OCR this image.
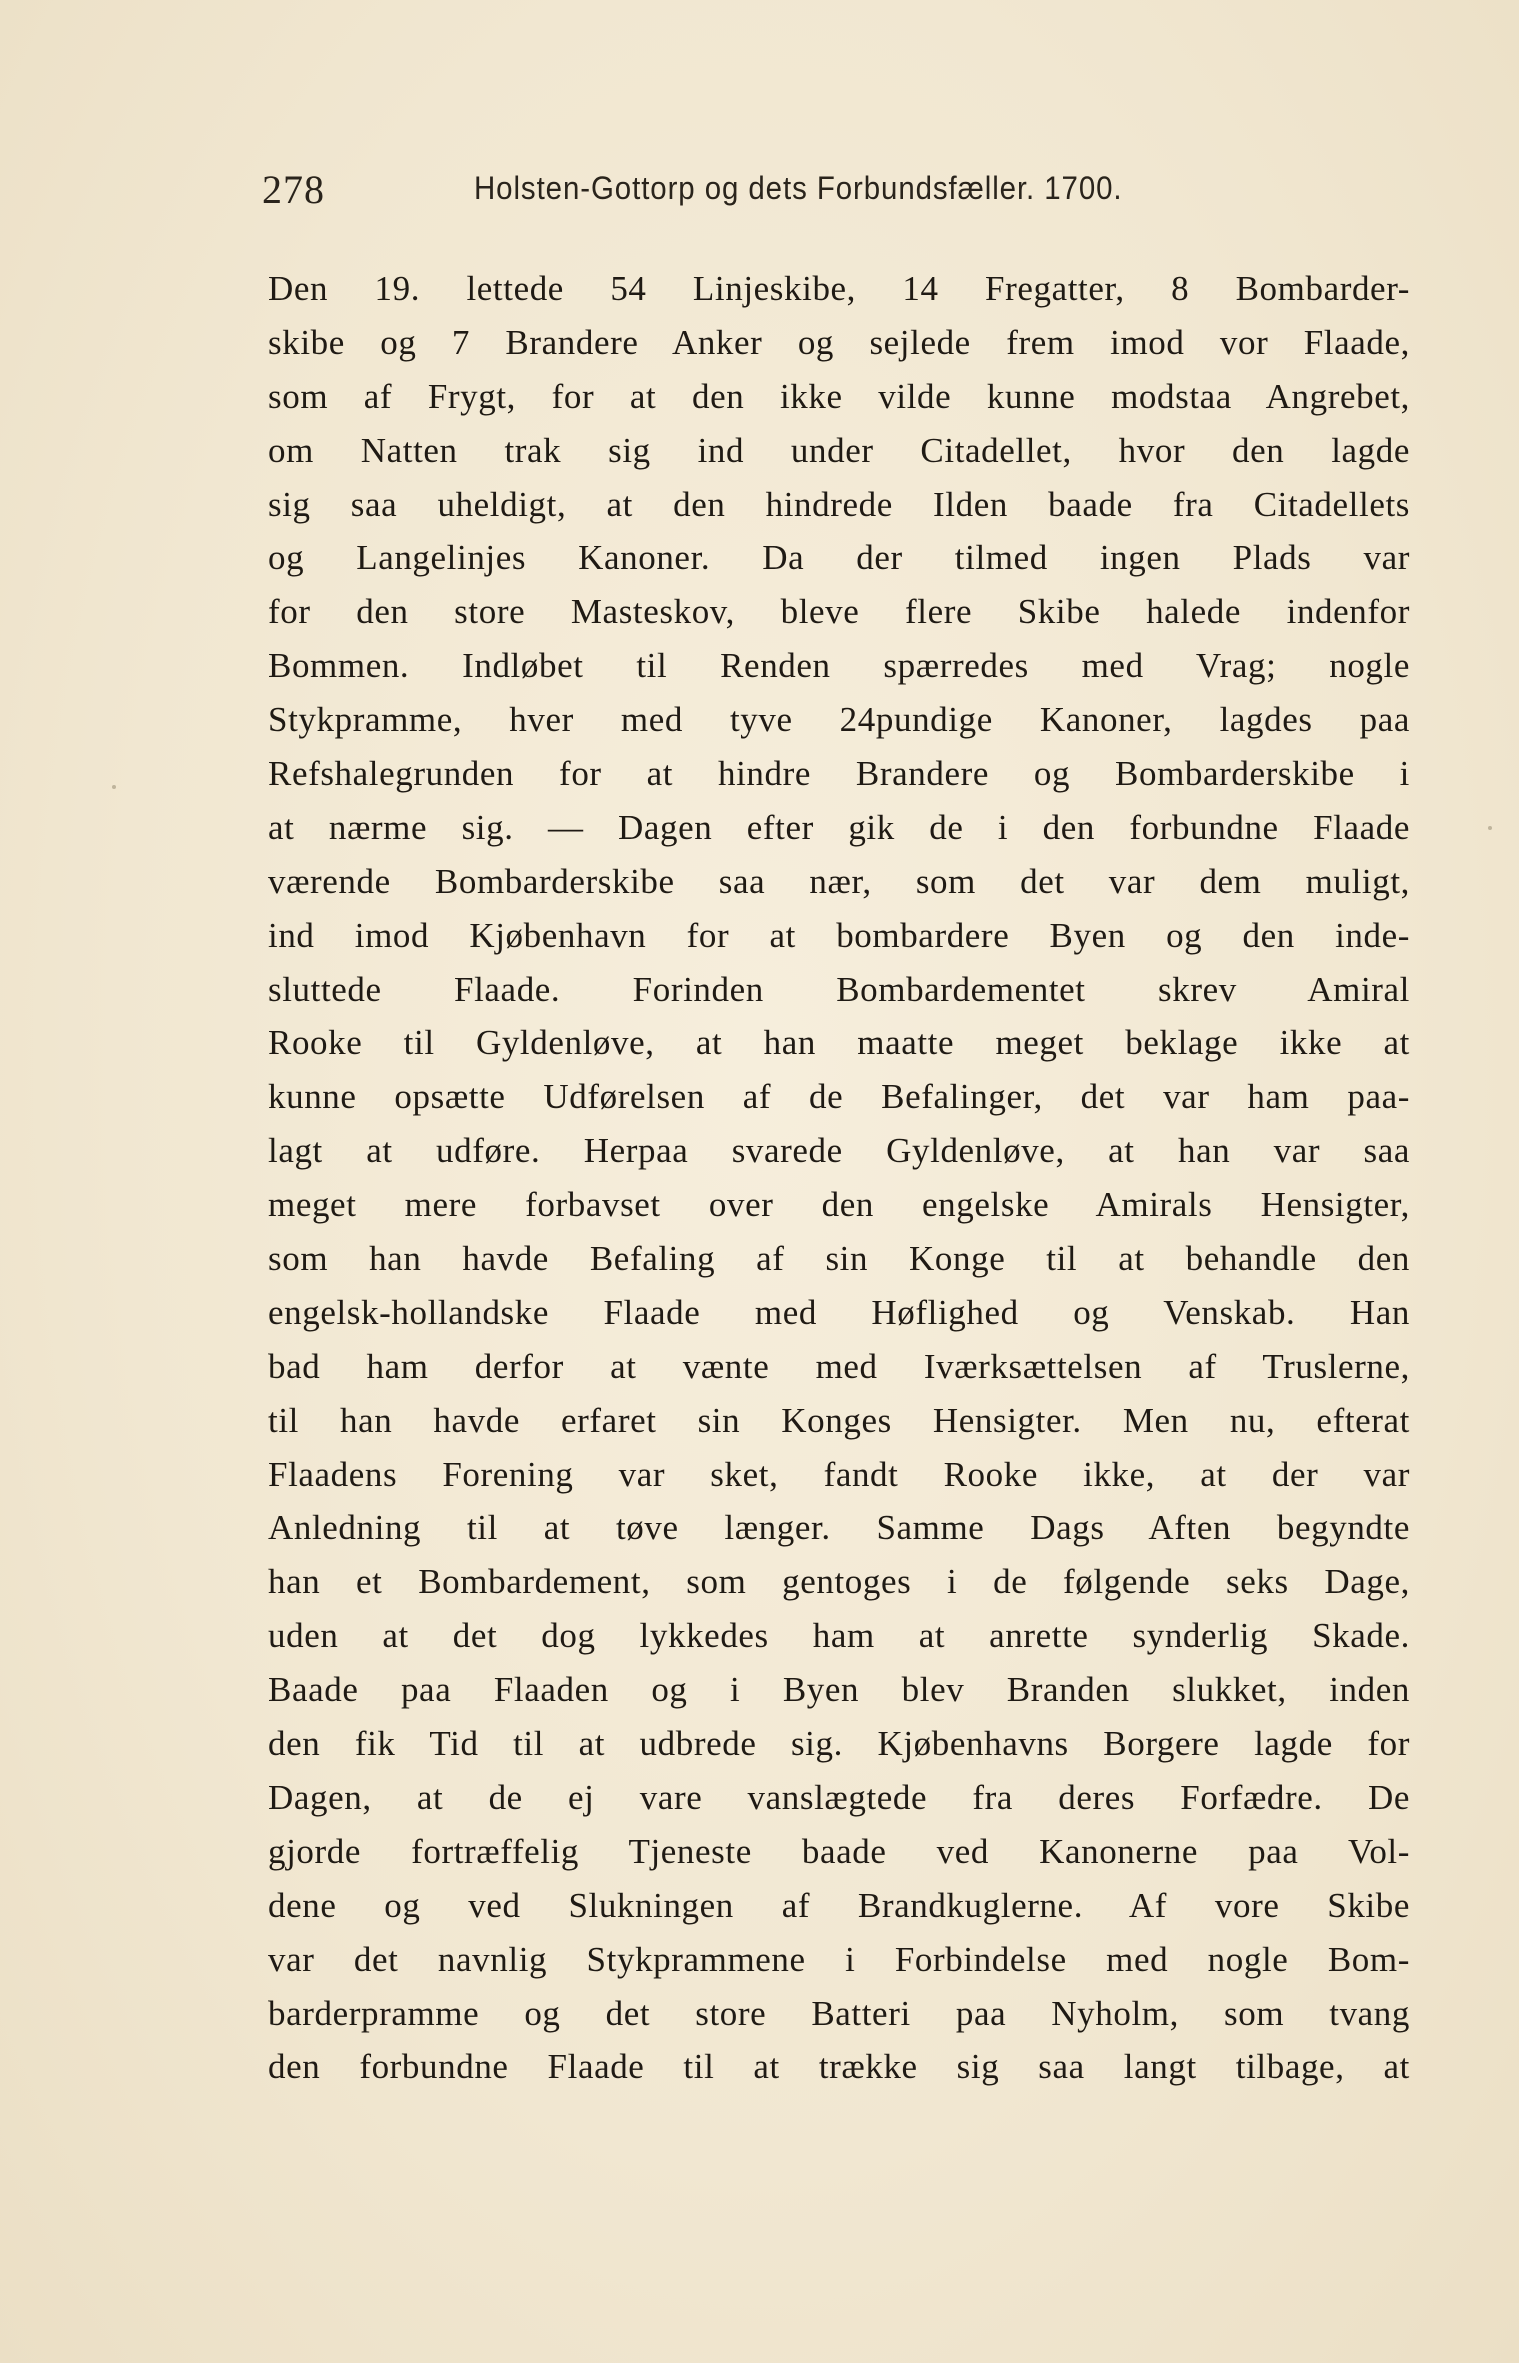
278	Holsten-Gottorp og dets Forbundsfæller. 1700.
Den 19. lettede 54 Linjeskibe, 14 Fregatter, 8 Bombarder-
skibe og 7 Brandere Anker og sejlede frem imod vor Flaade,
som af Frygt, for at den ikke vilde kunne modstaa Angrebet,
om Natten trak sig ind under Citadellet, hvor den lagde
sig saa uheldigt, at den hindrede Ilden baade fra Citadellets
og Langelinjes Kanoner. Da der tilmed ingen Plads var
for den store Masteskov, bleve flere Skibe halede indenfor
Bommen. Indløbet til Renden spærredes med Vrag; nogle
Stykpramme, hver med tyve 24pundige Kanoner, lagdes paa
Refshalegrunden for at hindre Brandere og Bombarderskibe i
at nærme sig. — Dagen efter gik de i den forbundne Flaade
værende Bombarderskibe saa nær, som det var dem muligt,
ind imod Kjøbenhavn for at bombardere Byen og den inde-
sluttede Flaade. Forinden Bombardementet skrev Amiral
Rooke til Gyldenløve, at han maatte meget beklage ikke at
kunne opsætte Udførelsen af de Befalinger, det var ham paa-
lagt at udføre. Herpaa svarede Gyldenløve, at han var saa
meget mere forbavset over den engelske Amirals Hensigter,
som han havde Befaling af sin Konge til at behandle den
engelsk-hollandske Flaade med Høflighed og Venskab. Han
bad ham derfor at vænte med Iværksættelsen af Truslerne,
til han havde erfaret sin Konges Hensigter. Men nu, efterat
Flaadens Forening var sket, fandt Rooke ikke, at der var
Anledning til at tøve længer. Samme Dags Aften begyndte
han et Bombardement, som gentoges i de følgende seks Dage,
uden at det dog lykkedes ham at anrette synderlig Skade.
Baade paa Flaaden og i Byen blev Branden slukket, inden
den fik Tid til at udbrede sig. Kjøbenhavns Borgere lagde for
Dagen, at de ej vare vanslægtede fra deres Forfædre. De
gjorde fortræffelig Tjeneste baade ved Kanonerne paa Vol-
dene og ved Slukningen af Brandkuglerne. Af vore Skibe
var det navnlig Stykprammene i Forbindelse med nogle Bom-
barderpramme og det store Batteri paa Nyholm, som tvang
den forbundne Flaade til at trække sig saa langt tilbage, at
